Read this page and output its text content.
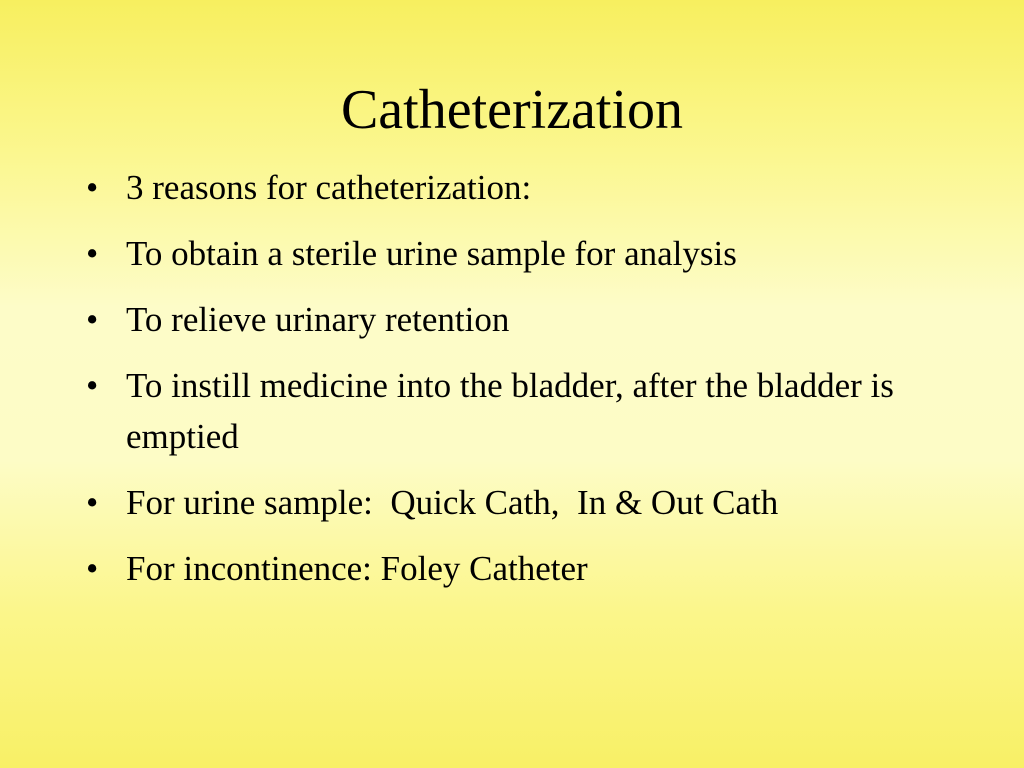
Catheterization
• 3 reasons for catheterization:
• To obtain a sterile urine sample for analysis
• To relieve urinary retention
• To instill medicine into the bladder, after the bladder is emptied
• For urine sample:  Quick Cath,  In & Out Cath
• For incontinence: Foley Catheter
